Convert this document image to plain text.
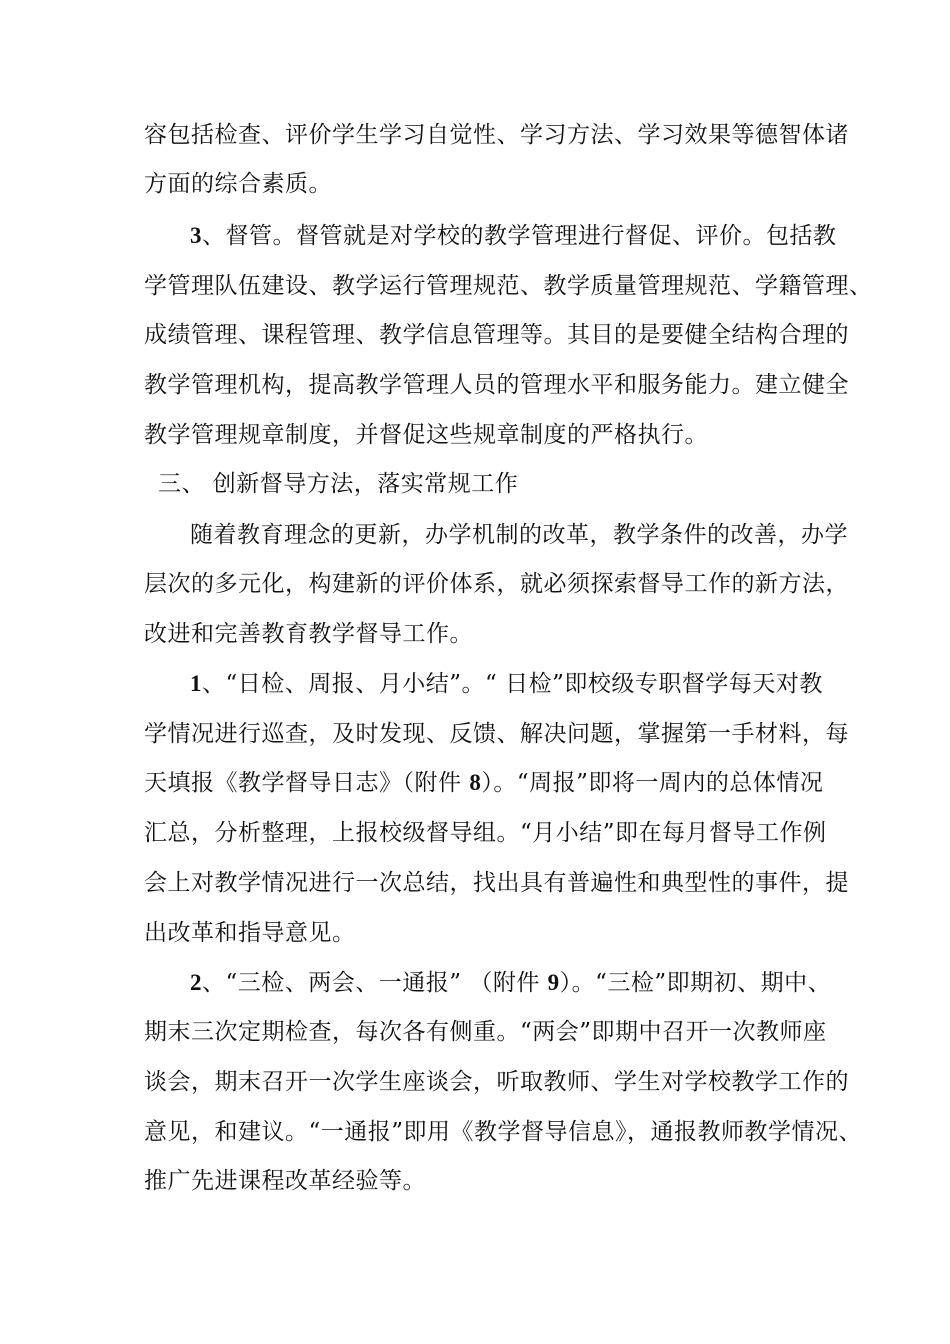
容包括检查、评价学生学习自觉性、学习方法、学习效果等德智体诸
方面的综合素质。
3、督管。督管就是对学校的教学管理进行督促、评价。包括教
学管理队伍建设、教学运行管理规范、教学质量管理规范、学籍管理、
成绩管理、课程管理、教学信息管理等。其目的是要健全结构合理的
教学管理机构，提高教学管理人员的管理水平和服务能力。建立健全
教学管理规章制度，并督促这些规章制度的严格执行。
三、 创新督导方法，落实常规工作
随着教育理念的更新，办学机制的改革，教学条件的改善，办学
层次的多元化，构建新的评价体系，就必须探索督导工作的新方法，
改进和完善教育教学督导工作。
1、“日检、周报、月小结”。“ 日检”即校级专职督学每天对教
学情况进行巡查，及时发现、反馈、解决问题，掌握第一手材料，每
天填报《教学督导日志》（附件 8）。“周报”即将一周内的总体情况
汇总，分析整理，上报校级督导组。“月小结”即在每月督导工作例
会上对教学情况进行一次总结，找出具有普遍性和典型性的事件，提
出改革和指导意见。
2、“三检、两会、一通报” （附件 9）。“三检”即期初、期中、
期末三次定期检查，每次各有侧重。“两会”即期中召开一次教师座
谈会，期末召开一次学生座谈会，听取教师、学生对学校教学工作的
意见，和建议。“一通报”即用《教学督导信息》，通报教师教学情况、
推广先进课程改革经验等。
